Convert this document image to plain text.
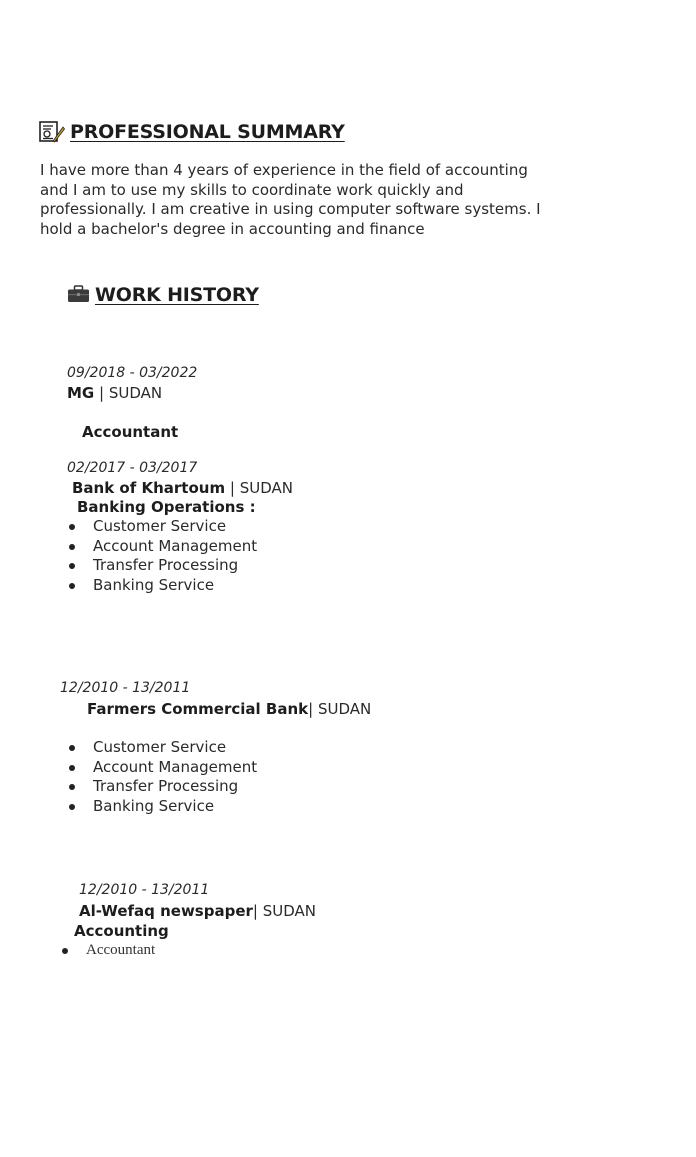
PROFESSIONAL SUMMARY
I have more than 4 years of experience in the field of accounting
and I am to use my skills to coordinate work quickly and
professionally. I am creative in using computer software systems. I
hold a bachelor's degree in accounting and finance
WORK HISTORY
09/2018 - 03/2022
MG | SUDAN
Accountant
02/2017 - 03/2017
Bank of Khartoum | SUDAN
Banking Operations :
Customer Service
Account Management
Transfer Processing
Banking Service
12/2010 - 13/2011
Farmers Commercial Bank| SUDAN
Customer Service
Account Management
Transfer Processing
Banking Service
12/2010 - 13/2011
Al-Wefaq newspaper| SUDAN
Accounting
Accountant
